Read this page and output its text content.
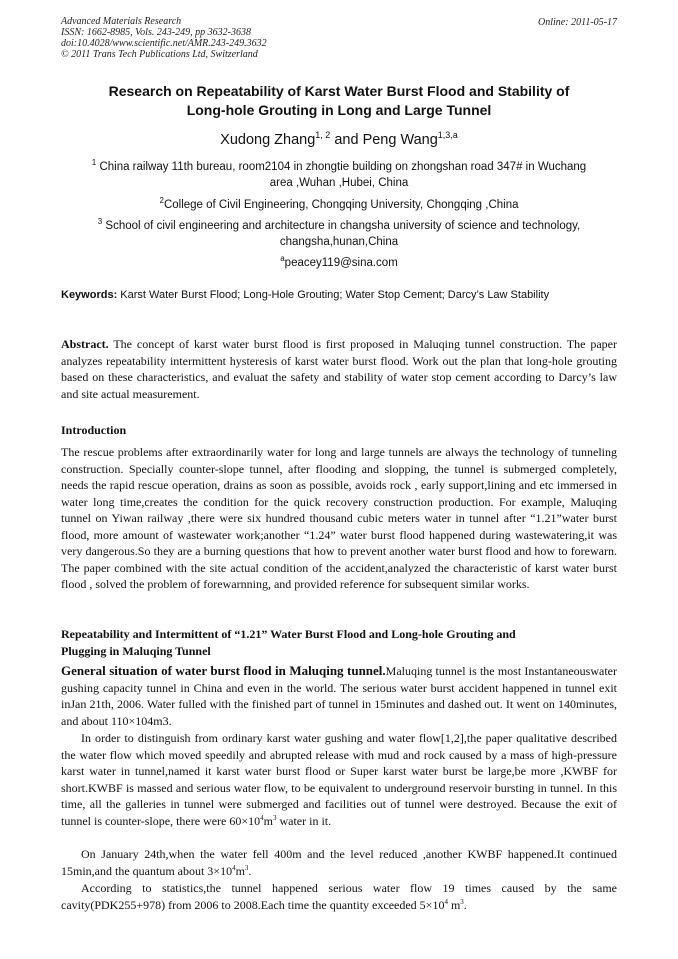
Advanced Materials Research
ISSN: 1662-8985, Vols. 243-249, pp 3632-3638
doi:10.4028/www.scientific.net/AMR.243-249.3632
© 2011 Trans Tech Publications Ltd, Switzerland
Online: 2011-05-17
Research on Repeatability of Karst Water Burst Flood and Stability of
Long-hole Grouting in Long and Large Tunnel
Xudong Zhang$^{1, 2}$ and Peng Wang$^{1,3,a}$
$^1$ China railway 11th bureau, room2104 in zhongtie building on zhongshan road 347# in Wuchang
area ,Wuhan ,Hubei, China
$^2$College of Civil Engineering, Chongqing University, Chongqing ,China
$^3$ School of civil engineering and architecture in changsha university of science and technology,
changsha,hunan,China
$^a$peacey119@sina.com
Keywords: Karst Water Burst Flood; Long-Hole Grouting; Water Stop Cement; Darcy’s Law Stability
Abstract. The concept of karst water burst flood is first proposed in Maluqing tunnel construction. The paper analyzes repeatability intermittent hysteresis of karst water burst flood. Work out the plan that long-hole grouting based on these characteristics, and evaluat the safety and stability of water stop cement according to Darcy’s law and site actual measurement.
Introduction
The rescue problems after extraordinarily water for long and large tunnels are always the technology of tunneling construction. Specially counter-slope tunnel, after flooding and slopping, the tunnel is submerged completely, needs the rapid rescue operation, drains as soon as possible, avoids rock , early support,lining and etc immersed in water long time,creates the condition for the quick recovery construction production. For example, Maluqing tunnel on Yiwan railway ,there were six hundred thousand cubic meters water in tunnel after “1.21”water burst flood, more amount of wastewater work;another “1.24” water burst flood happened during wastewatering,it was very dangerous.So they are a burning questions that how to prevent another water burst flood and how to forewarn. The paper combined with the site actual condition of the accident,analyzed the characteristic of karst water burst flood , solved the problem of forewarnning, and provided reference for subsequent similar works.
Repeatability and Intermittent of “1.21” Water Burst Flood and Long-hole Grouting and
Plugging in Maluqing Tunnel
General situation of water burst flood in Maluqing tunnel.Maluqing tunnel is the most Instantaneouswater gushing capacity tunnel in China and even in the world. The serious water burst accident happened in tunnel exit inJan 21th, 2006. Water fulled with the finished part of tunnel in 15minutes and dashed out. It went on 140minutes, and about 110×104m3.
In order to distinguish from ordinary karst water gushing and water flow[1,2],the paper qualitative described the water flow which moved speedily and abrupted release with mud and rock caused by a mass of high-pressure karst water in tunnel,named it karst water burst flood or Super karst water burst be large,be more ,KWBF for short.KWBF is massed and serious water flow, to be equivalent to underground reservoir bursting in tunnel. In this time, all the galleries in tunnel were submerged and facilities out of tunnel were destroyed. Because the exit of tunnel is counter-slope, there were $60\times 10^4m^3$ water in it.
On January 24th,when the water fell 400m and the level reduced ,another KWBF happened.It continued 15min,and the quantum about $3\times 10^4m^3$.
According to statistics,the tunnel happened serious water flow 19 times caused by the same cavity(PDK255+978) from 2006 to 2008.Each time the quantity exceeded $5\times 10^4$ $m^3$.
